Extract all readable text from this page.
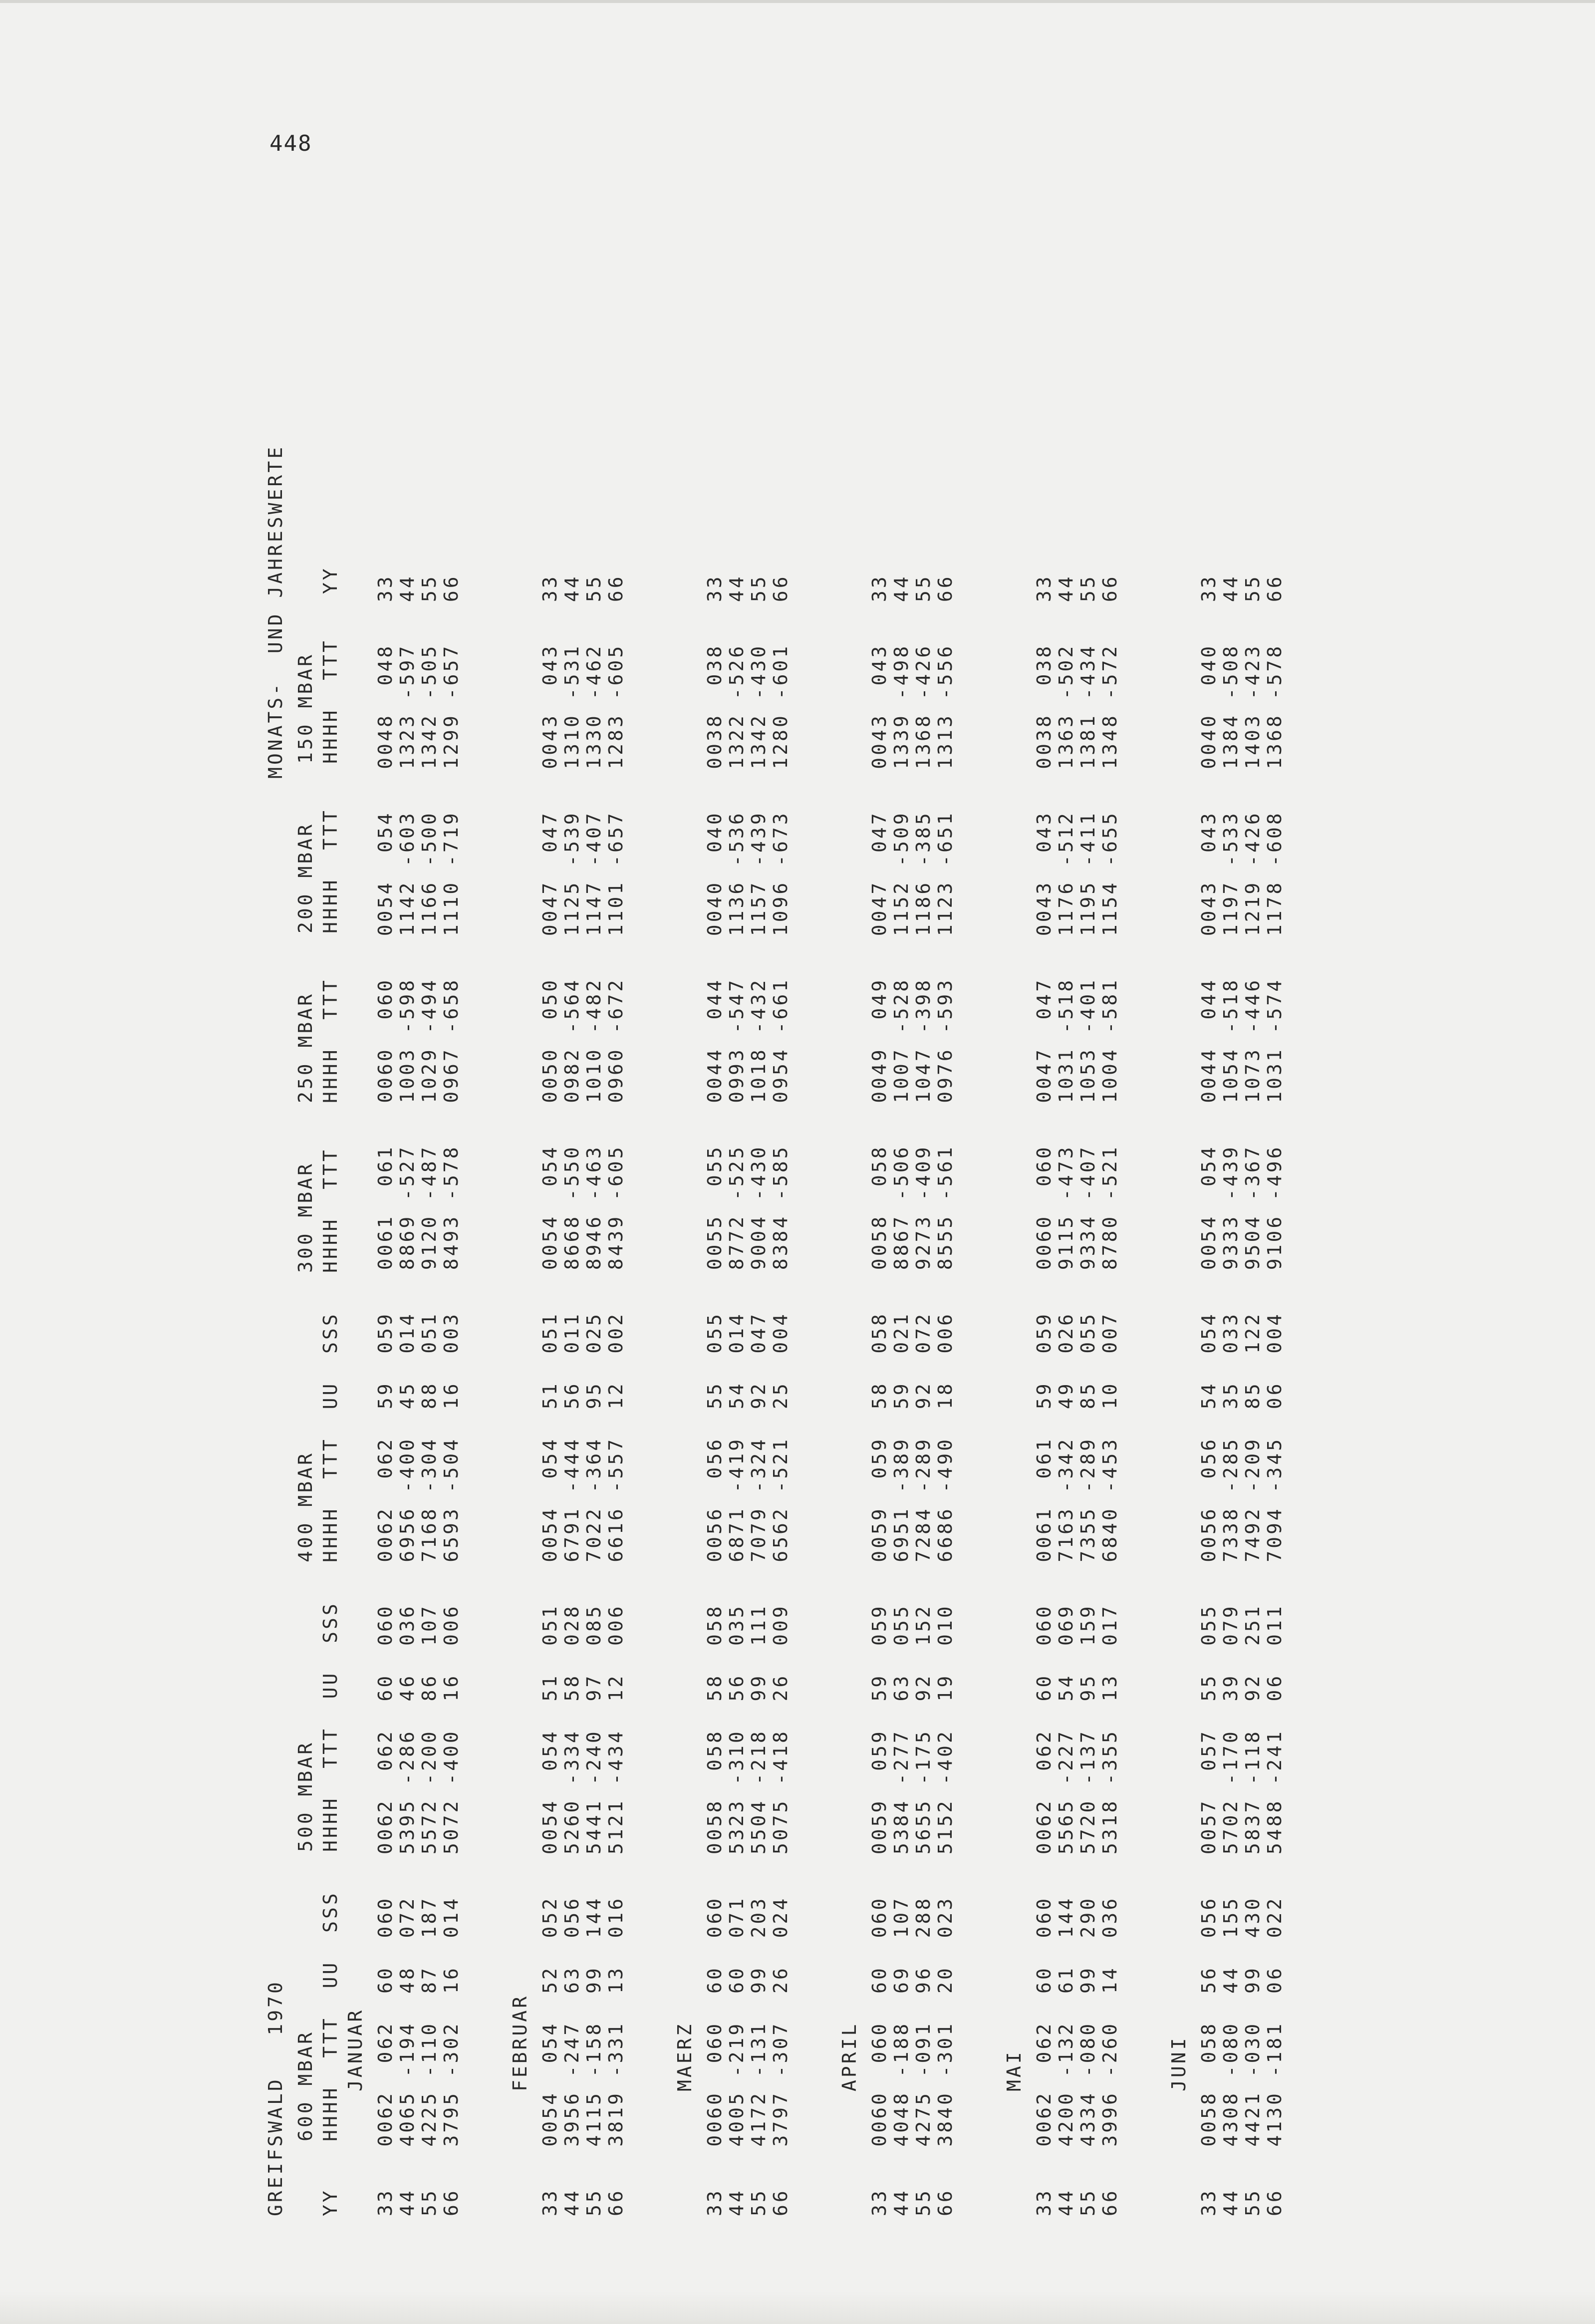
448

GREIFSWALD   1970

MONATS-  UND JAHRESWERTE

600 MBAR

500 MBAR

400 MBAR

300 MBAR

250 MBAR

200 MBAR

150 MBAR

YY

HHHH  TTT  UU  SSS

HHHH  TTT  UU  SSS

HHHH  TTT  UU  SSS

HHHH  TTT

HHHH  TTT

HHHH  TTT

HHHH  TTT

YY

JANUAR

33   0062  062  60  060   0062  062  60  060   0062  062  59  059   0061  061   0060  060   0054  054   0048  048   33

44   4065 -194  48  072   5395 -286  46  036   6956 -400  45  014   8869 -527   1003 -598   1142 -603   1323 -597   44

55   4225 -110  87  187   5572 -200  86  107   7168 -304  88  051   9120 -487   1029 -494   1166 -500   1342 -505   55

66   3795 -302  16  014   5072 -400  16  006   6593 -504  16  003   8493 -578   0967 -658   1110 -719   1299 -657   66

FEBRUAR

33   0054  054  52  052   0054  054  51  051   0054  054  51  051   0054  054   0050  050   0047  047   0043  043   33

44   3956 -247  63  056   5260 -334  58  028   6791 -444  56  011   8668 -550   0982 -564   1125 -539   1310 -531   44

55   4115 -158  99  144   5441 -240  97  085   7022 -364  95  025   8946 -463   1010 -482   1147 -407   1330 -462   55

66   3819 -331  13  016   5121 -434  12  006   6616 -557  12  002   8439 -605   0960 -672   1101 -657   1283 -605   66

MAERZ

33   0060  060  60  060   0058  058  58  058   0056  056  55  055   0055  055   0044  044   0040  040   0038  038   33

44   4005 -219  60  071   5323 -310  56  035   6871 -419  54  014   8772 -525   0993 -547   1136 -536   1322 -526   44

55   4172 -131  99  203   5504 -218  99  111   7079 -324  92  047   9004 -430   1018 -432   1157 -439   1342 -430   55

66   3797 -307  26  024   5075 -418  26  009   6562 -521  25  004   8384 -585   0954 -661   1096 -673   1280 -601   66

APRIL

33   0060  060  60  060   0059  059  59  059   0059  059  58  058   0058  058   0049  049   0047  047   0043  043   33

44   4048 -188  69  107   5384 -277  63  055   6951 -389  59  021   8867 -506   1007 -528   1152 -509   1339 -498   44

55   4275 -091  96  288   5655 -175  92  152   7284 -289  92  072   9273 -409   1047 -398   1186 -385   1368 -426   55

66   3840 -301  20  023   5152 -402  19  010   6686 -490  18  006   8555 -561   0976 -593   1123 -651   1313 -556   66

MAI

33   0062  062  60  060   0062  062  60  060   0061  061  59  059   0060  060   0047  047   0043  043   0038  038   33

44   4200 -132  61  144   5565 -227  54  069   7163 -342  49  026   9115 -473   1031 -518   1176 -512   1363 -502   44

55   4334 -080  99  290   5720 -137  95  159   7355 -289  85  055   9334 -407   1053 -401   1195 -411   1381 -434   55

66   3996 -260  14  036   5318 -355  13  017   6840 -453  10  007   8780 -521   1004 -581   1154 -655   1348 -572   66

JUNI

33   0058  058  56  056   0057  057  55  055   0056  056  54  054   0054  054   0044  044   0043  043   0040  040   33

44   4308 -080  44  155   5702 -170  39  079   7338 -285  35  033   9333 -439   1054 -518   1197 -533   1384 -508   44

55   4421 -030  99  430   5837 -118  92  251   7492 -209  85  122   9504 -367   1073 -446   1219 -426   1403 -423   55

66   4130 -181  06  022   5488 -241  06  011   7094 -345  06  004   9106 -496   1031 -574   1178 -608   1368 -578   66
